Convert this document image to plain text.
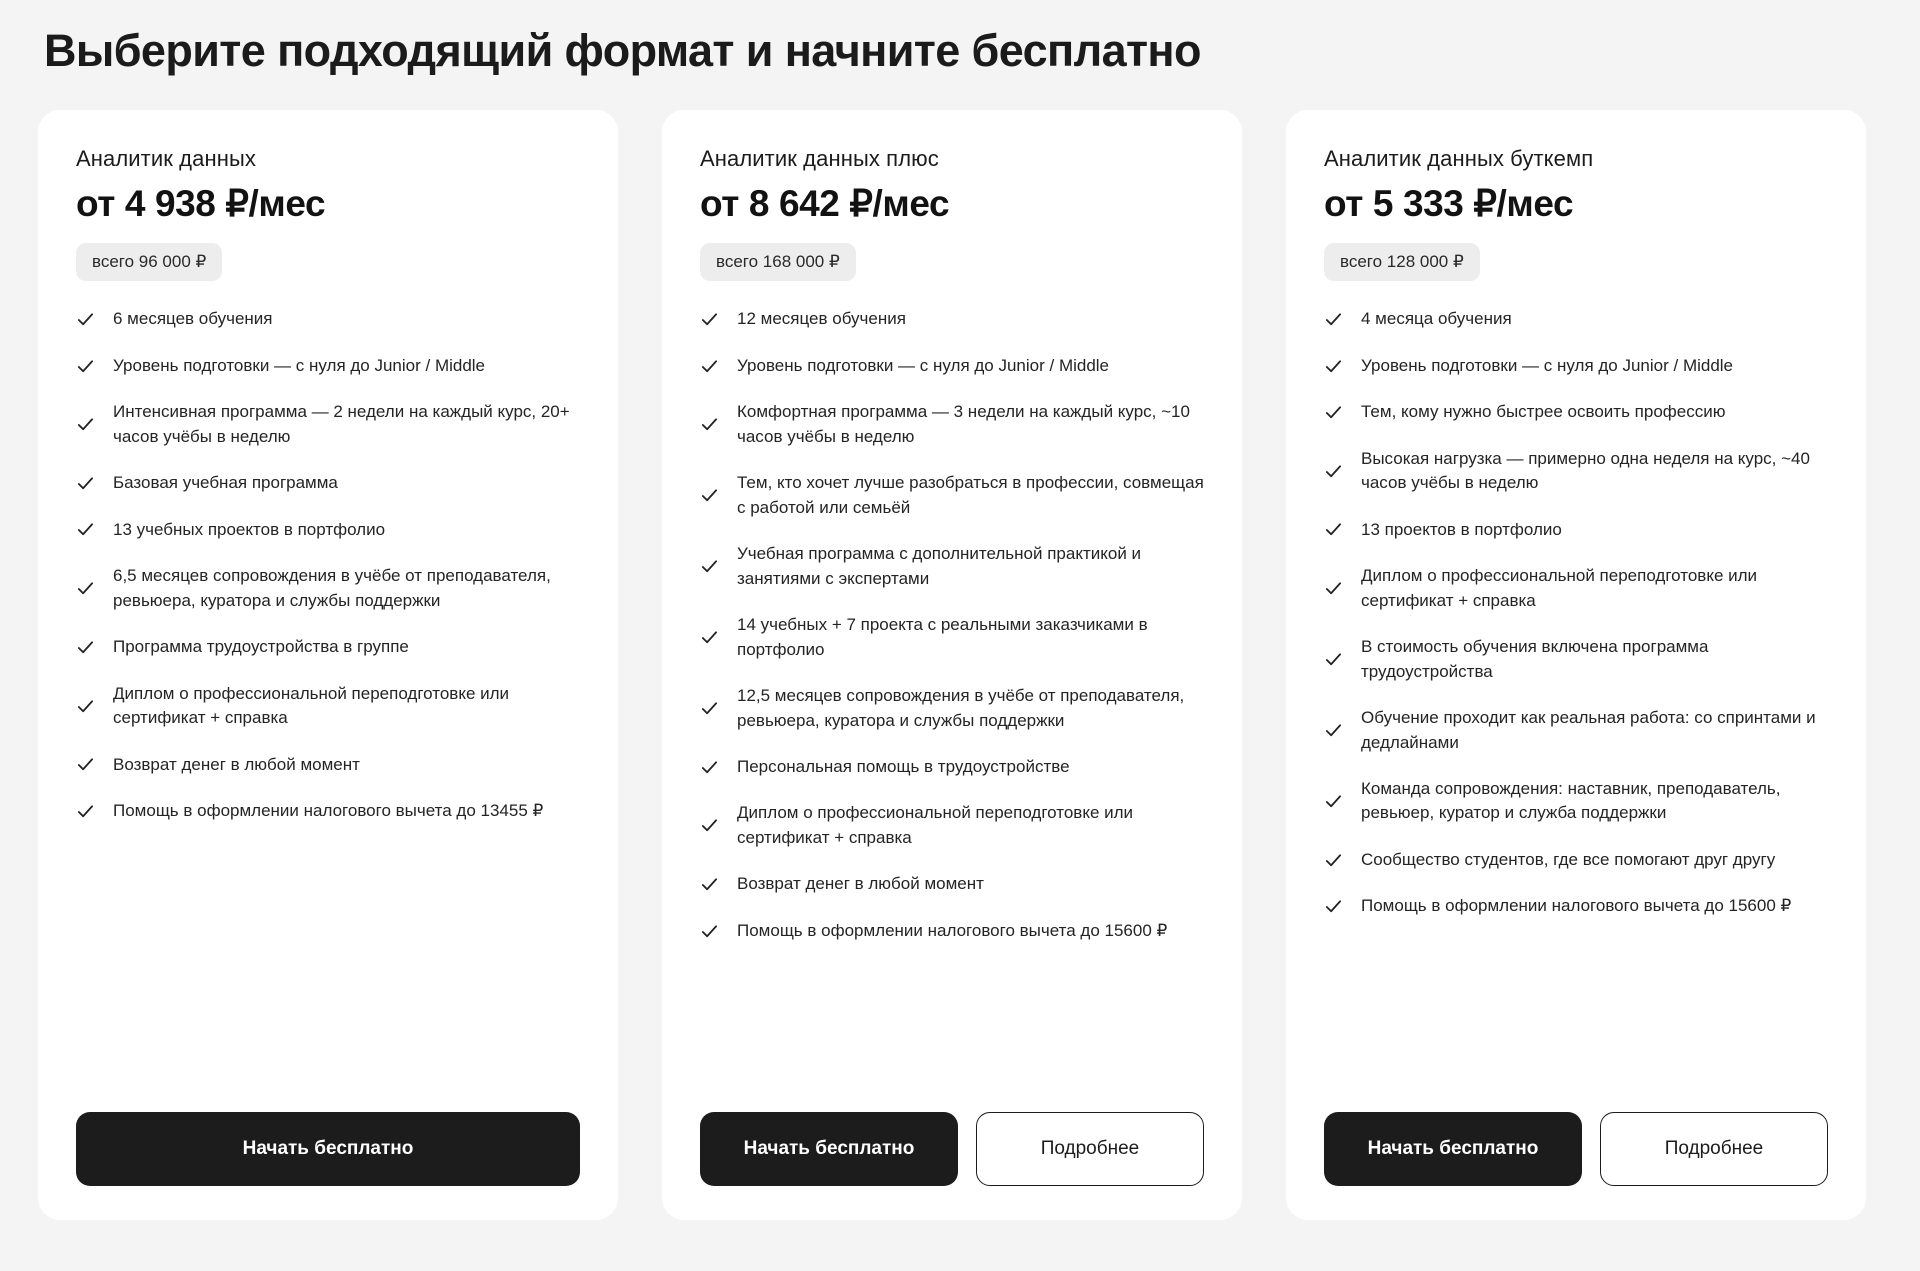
Выберите подходящий формат и начните бесплатно
Аналитик данных
от 4 938 ₽/мес
всего 96 000 ₽
6 месяцев обучения
Уровень подготовки — с нуля до Junior / Middle
Интенсивная программа — 2 недели на каждый курс, 20+ часов учёбы в неделю
Базовая учебная программа
13 учебных проектов в портфолио
6,5 месяцев сопровождения в учёбе от преподавателя, ревьюера, куратора и службы поддержки
Программа трудоустройства в группе
Диплом о профессиональной переподготовке или сертификат + справка
Возврат денег в любой момент
Помощь в оформлении налогового вычета до 13455 ₽
Начать бесплатно
Аналитик данных плюс
от 8 642 ₽/мес
всего 168 000 ₽
12 месяцев обучения
Уровень подготовки — с нуля до Junior / Middle
Комфортная программа — 3 недели на каждый курс, ~10 часов учёбы в неделю
Тем, кто хочет лучше разобраться в профессии, совмещая с работой или семьёй
Учебная программа с дополнительной практикой и занятиями с экспертами
14 учебных + 7 проекта с реальными заказчиками в портфолио
12,5 месяцев сопровождения в учёбе от преподавателя, ревьюера, куратора и службы поддержки
Персональная помощь в трудоустройстве
Диплом о профессиональной переподготовке или сертификат + справка
Возврат денег в любой момент
Помощь в оформлении налогового вычета до 15600 ₽
Начать бесплатно	Подробнее
Аналитик данных буткемп
от 5 333 ₽/мес
всего 128 000 ₽
4 месяца обучения
Уровень подготовки — с нуля до Junior / Middle
Тем, кому нужно быстрее освоить профессию
Высокая нагрузка — примерно одна неделя на курс, ~40 часов учёбы в неделю
13 проектов в портфолио
Диплом о профессиональной переподготовке или сертификат + справка
В стоимость обучения включена программа трудоустройства
Обучение проходит как реальная работа: со спринтами и дедлайнами
Команда сопровождения: наставник, преподаватель, ревьюер, куратор и служба поддержки
Сообщество студентов, где все помогают друг другу
Помощь в оформлении налогового вычета до 15600 ₽
Начать бесплатно	Подробнее
